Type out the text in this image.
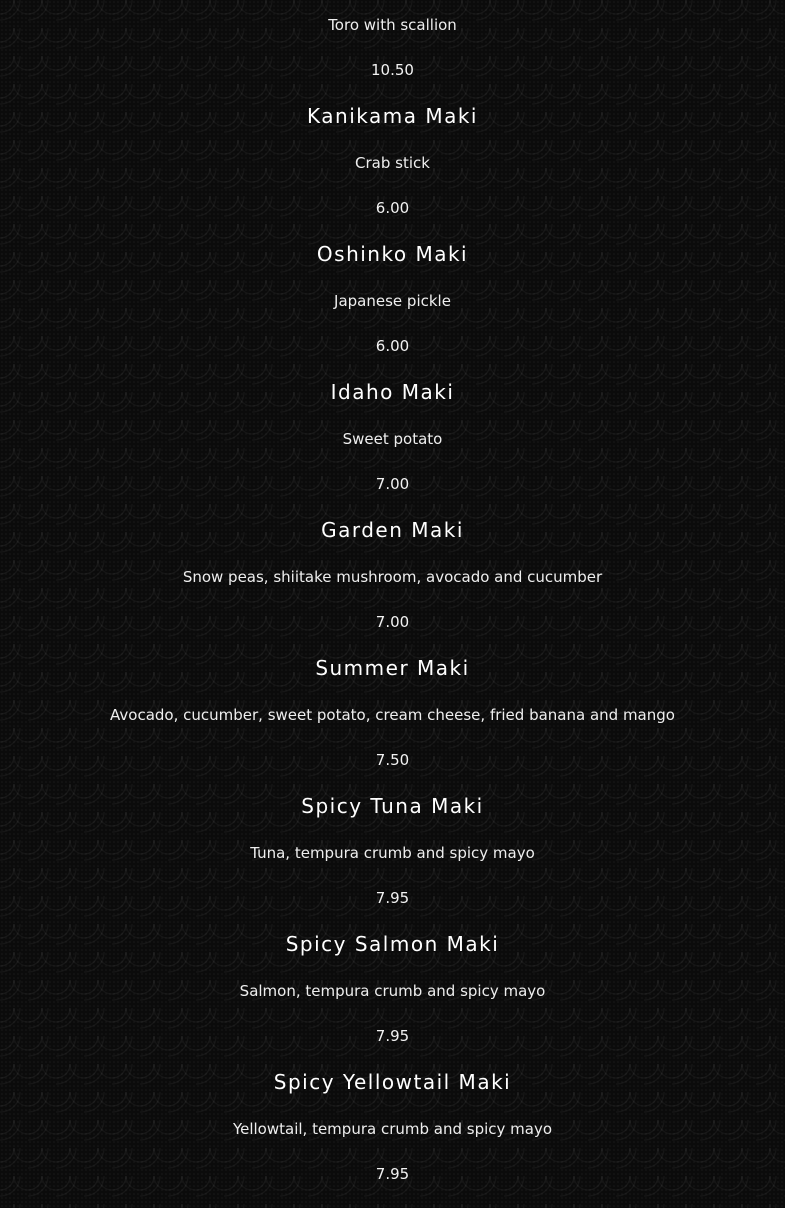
Toro with scallion
10.50
Kanikama Maki
Crab stick
6.00
Oshinko Maki
Japanese pickle
6.00
Idaho Maki
Sweet potato
7.00
Garden Maki
Snow peas, shiitake mushroom, avocado and cucumber
7.00
Summer Maki
Avocado, cucumber, sweet potato, cream cheese, fried banana and mango
7.50
Spicy Tuna Maki
Tuna, tempura crumb and spicy mayo
7.95
Spicy Salmon Maki
Salmon, tempura crumb and spicy mayo
7.95
Spicy Yellowtail Maki
Yellowtail, tempura crumb and spicy mayo
7.95
